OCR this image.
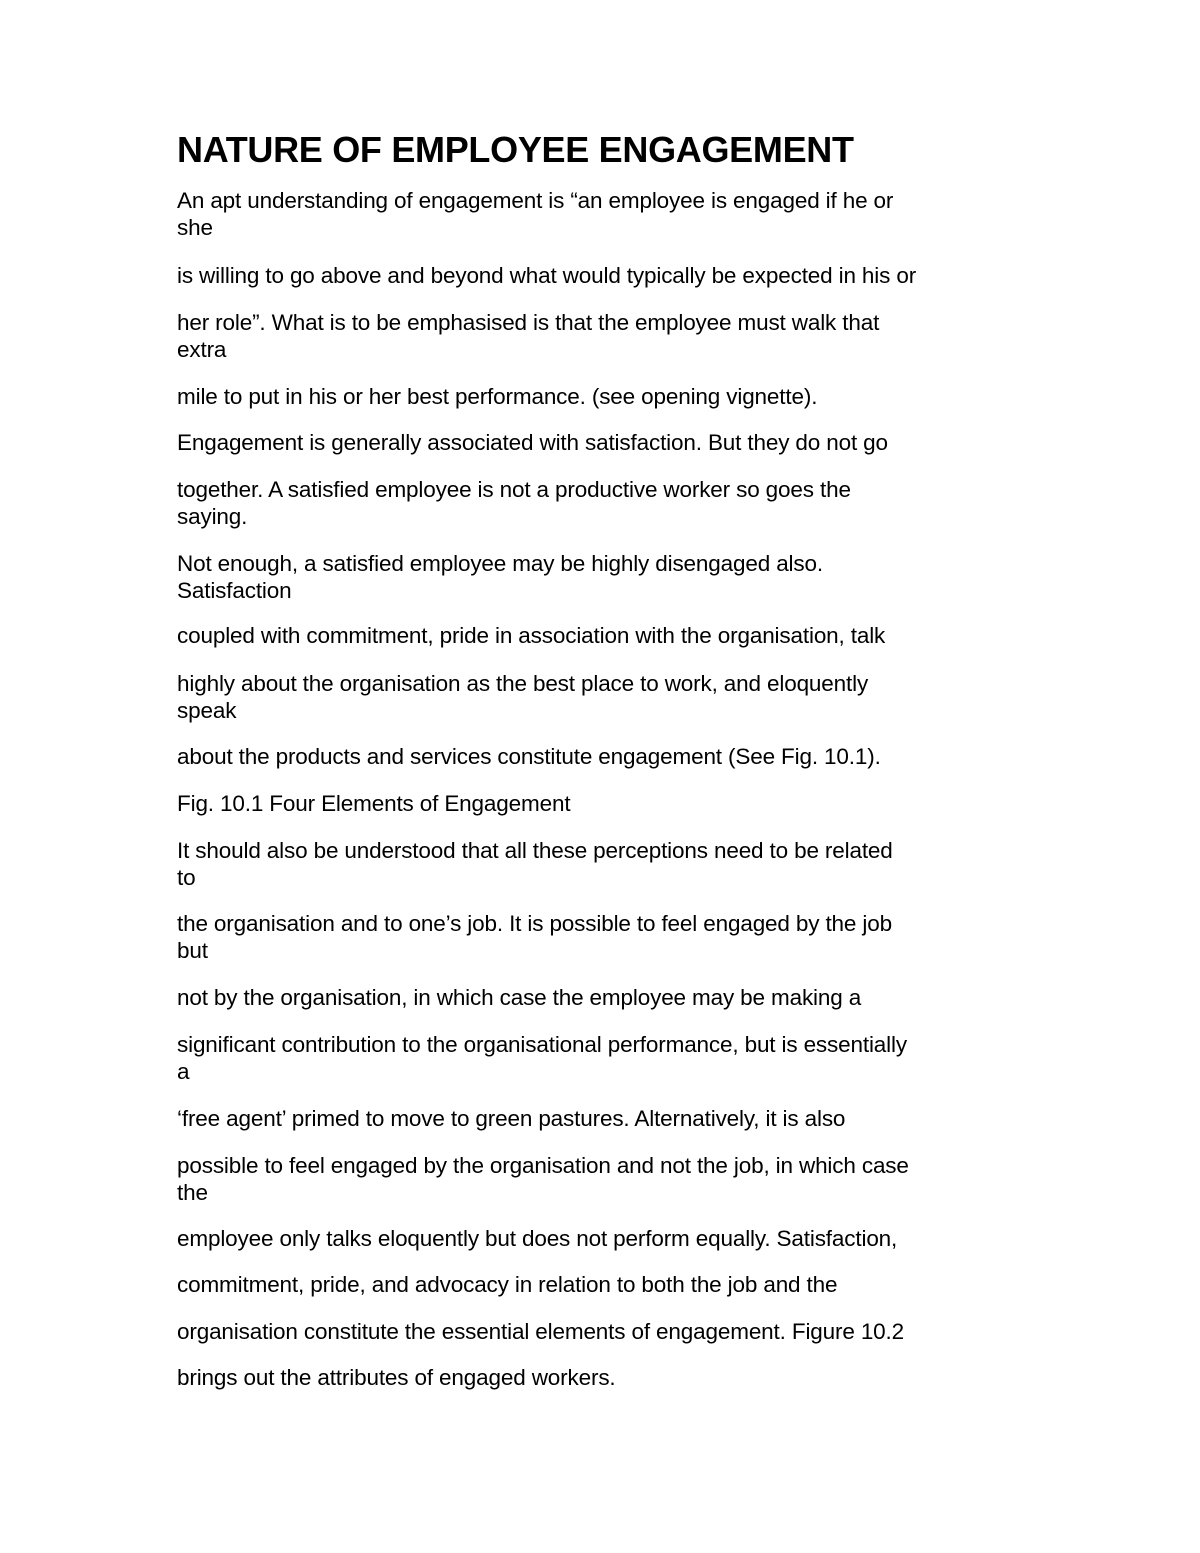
NATURE OF EMPLOYEE ENGAGEMENT

An apt understanding of engagement is “an employee is engaged if he or
she

is willing to go above and beyond what would typically be expected in his or

her role”. What is to be emphasised is that the employee must walk that
extra

mile to put in his or her best performance. (see opening vignette).

Engagement is generally associated with satisfaction. But they do not go

together. A satisfied employee is not a productive worker so goes the
saying.

Not enough, a satisfied employee may be highly disengaged also.
Satisfaction

coupled with commitment, pride in association with the organisation, talk

highly about the organisation as the best place to work, and eloquently
speak

about the products and services constitute engagement (See Fig. 10.1).

Fig. 10.1 Four Elements of Engagement

It should also be understood that all these perceptions need to be related
to

the organisation and to one’s job. It is possible to feel engaged by the job
but

not by the organisation, in which case the employee may be making a

significant contribution to the organisational performance, but is essentially
a

‘free agent’ primed to move to green pastures. Alternatively, it is also

possible to feel engaged by the organisation and not the job, in which case
the

employee only talks eloquently but does not perform equally. Satisfaction,

commitment, pride, and advocacy in relation to both the job and the

organisation constitute the essential elements of engagement. Figure 10.2

brings out the attributes of engaged workers.
